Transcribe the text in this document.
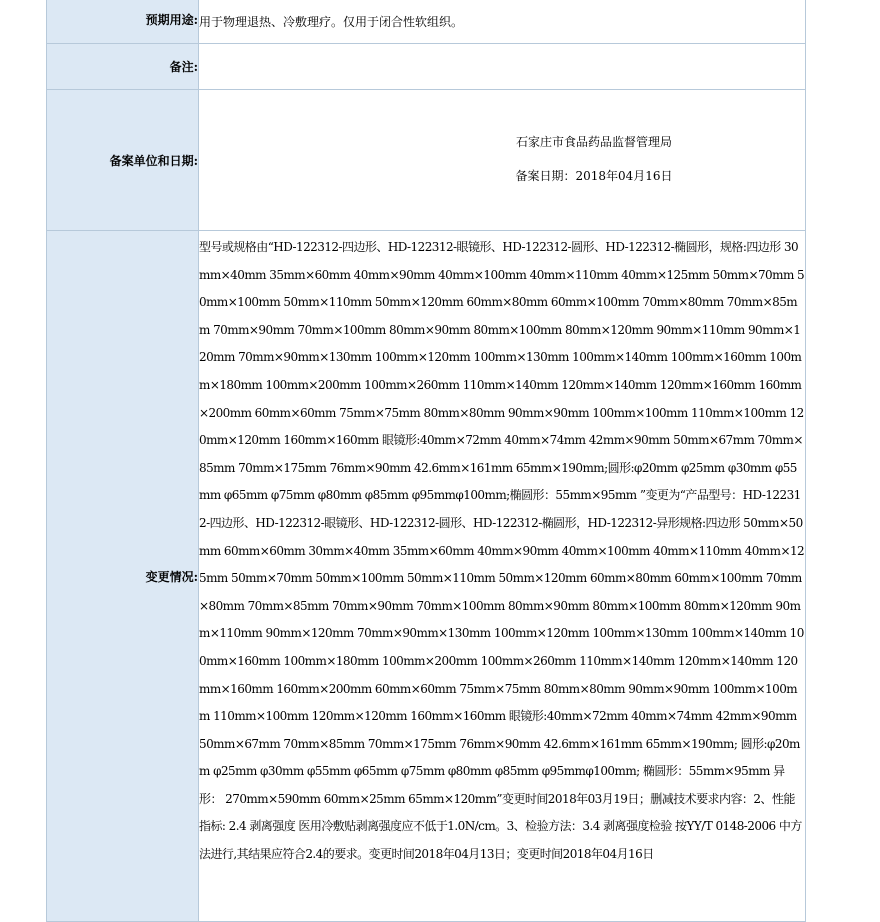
预期用途:	用于物理退热、冷敷理疗。仅用于闭合性软组织。
备注:	
备案单位和日期:	石家庄市食品药品监督管理局
备案日期：2018年04月16日

变更情况:	型号或规格由“HD-122312-四边形、HD-122312-眼镜形、HD-122312-圆形、HD-122312-椭圆形，规格:四边形 30mm×40mm 35mm×60mm 40mm×90mm 40mm×100mm 40mm×110mm 40mm×125mm 50mm×70mm 50mm×100mm 50mm×110mm 50mm×120mm 60mm×80mm 60mm×100mm 70mm×80mm 70mm×85mm 70mm×90mm 70mm×100mm 80mm×90mm 80mm×100mm 80mm×120mm 90mm×110mm 90mm×120mm 70mm×90mm×130mm 100mm×120mm 100mm×130mm 100mm×140mm 100mm×160mm 100mm×180mm 100mm×200mm 100mm×260mm 110mm×140mm 120mm×140mm 120mm×160mm 160mm×200mm 60mm×60mm 75mm×75mm 80mm×80mm 90mm×90mm 100mm×100mm 110mm×100mm 120mm×120mm 160mm×160mm 眼镜形:40mm×72mm 40mm×74mm 42mm×90mm 50mm×67mm 70mm×85mm 70mm×175mm 76mm×90mm 42.6mm×161mm 65mm×190mm;圆形:φ20mm φ25mm φ30mm φ55mm φ65mm φ75mm φ80mm φ85mm φ95mmφ100mm;椭圆形：55mm×95mm ”变更为“产品型号：HD-122312-四边形、HD-122312-眼镜形、HD-122312-圆形、HD-122312-椭圆形，HD-122312-异形规格:四边形 50mm×50mm 60mm×60mm 30mm×40mm 35mm×60mm 40mm×90mm 40mm×100mm 40mm×110mm 40mm×125mm 50mm×70mm 50mm×100mm 50mm×110mm 50mm×120mm 60mm×80mm 60mm×100mm 70mm×80mm 70mm×85mm 70mm×90mm 70mm×100mm 80mm×90mm 80mm×100mm 80mm×120mm 90mm×110mm 90mm×120mm 70mm×90mm×130mm 100mm×120mm 100mm×130mm 100mm×140mm 100mm×160mm 100mm×180mm 100mm×200mm 100mm×260mm 110mm×140mm 120mm×140mm 120mm×160mm 160mm×200mm 60mm×60mm 75mm×75mm 80mm×80mm 90mm×90mm 100mm×100mm 110mm×100mm 120mm×120mm 160mm×160mm 眼镜形:40mm×72mm 40mm×74mm 42mm×90mm 50mm×67mm 70mm×85mm 70mm×175mm 76mm×90mm 42.6mm×161mm 65mm×190mm; 圆形:φ20mm φ25mm φ30mm φ55mm φ65mm φ75mm φ80mm φ85mm φ95mmφ100mm; 椭圆形：55mm×95mm 异形： 270mm×590mm 60mm×25mm 65mm×120mm”变更时间2018年03月19日；删减技术要求内容：2、性能指标: 2.4 剥离强度 医用冷敷贴剥离强度应不低于1.0N/cm。3、检验方法：3.4 剥离强度检验 按YY/T 0148-2006 中方法进行,其结果应符合2.4的要求。变更时间2018年04月13日；变更时间2018年04月16日
